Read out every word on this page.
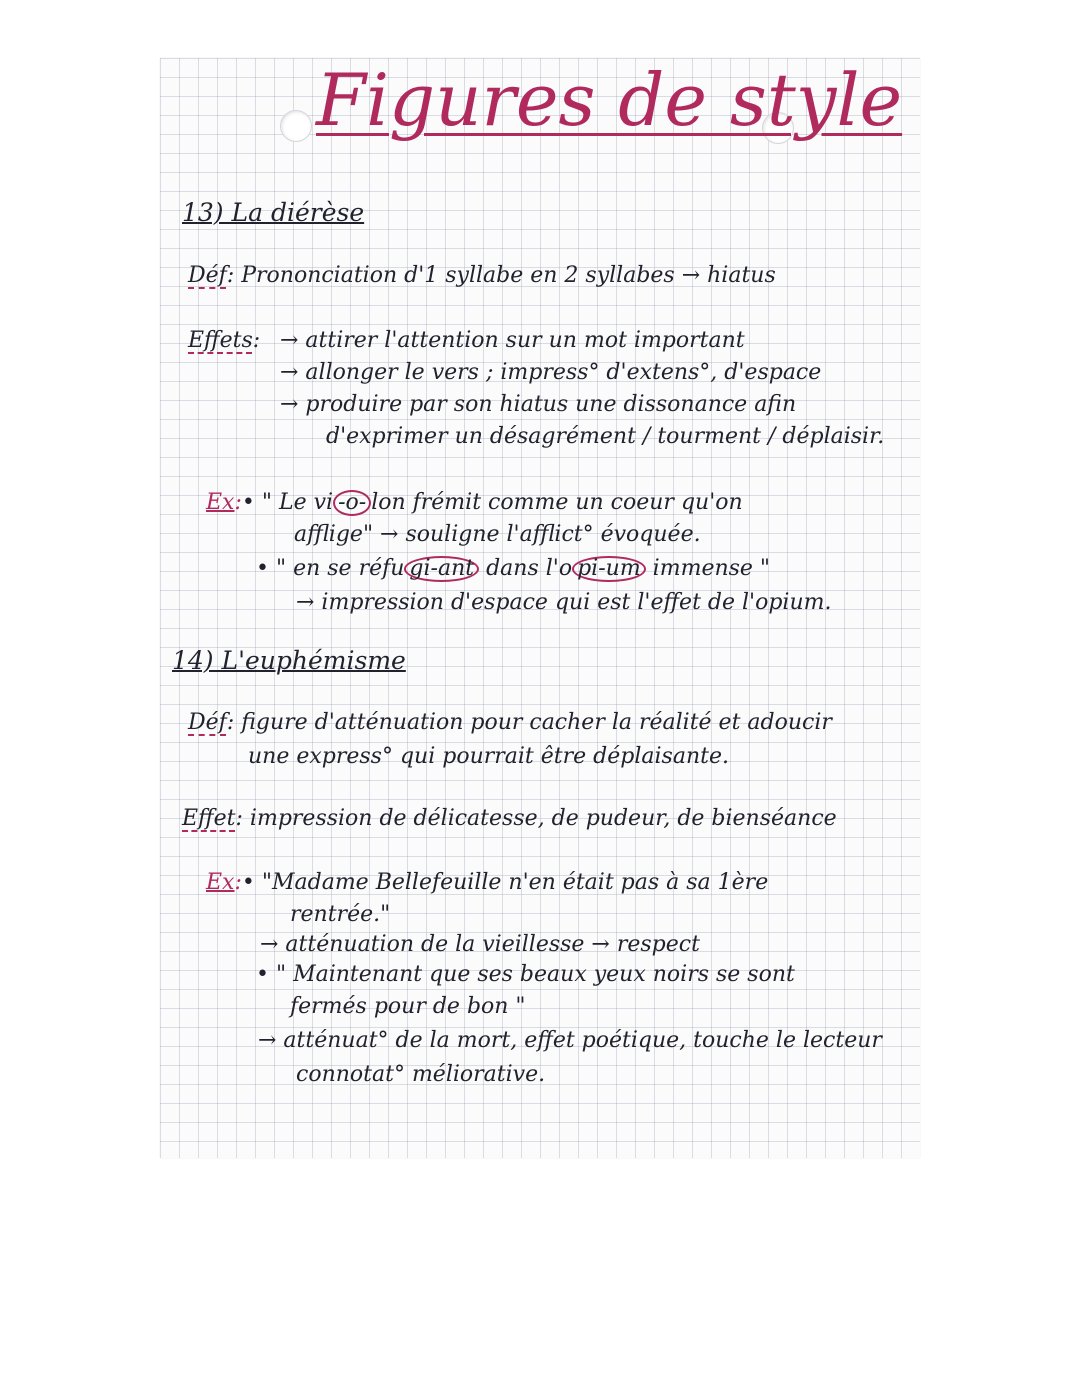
Figures de style
13) La diérèse
Déf: Prononciation d'1 syllabe en 2 syllabes → hiatus
Effets: → attirer l'attention sur un mot important
→ allonger le vers ; impress° d'extens°, d'espace
→ produire par son hiatus une dissonance afin
d'exprimer un désagrément / tourment / déplaisir.
Ex:• " Le vi -o- lon frémit comme un coeur qu'on
afflige" → souligne l'afflict° évoquée.
• " en se réfu gi-ant dans l'o pi-um immense "
→ impression d'espace qui est l'effet de l'opium.
14) L'euphémisme
Déf: figure d'atténuation pour cacher la réalité et adoucir
une express° qui pourrait être déplaisante.
Effet: impression de délicatesse, de pudeur, de bienséance
Ex:• "Madame Bellefeuille n'en était pas à sa 1ère
rentrée."
→ atténuation de la vieillesse → respect
• " Maintenant que ses beaux yeux noirs se sont
fermés pour de bon "
→ atténuat° de la mort, effet poétique, touche le lecteur
connotat° méliorative.
